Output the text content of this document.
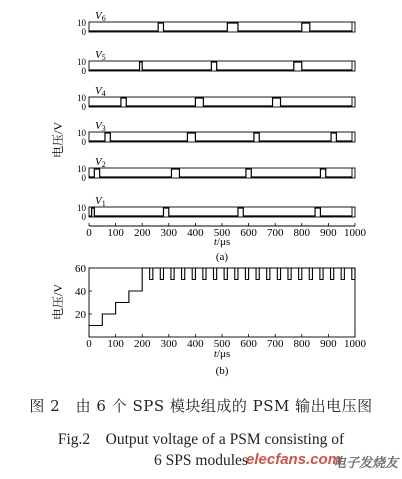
10
0
V6
10
0
V5
10
0
V4
10
0
V3
10
0
V2
10
0
V1
0 100 200 300 400 500 600 700 800 900 1000
t/μs
(a)
电压/V
20
40
60
0 100 200 300 400 500 600 700 800 900 1000
t/μs
(b)
电压/V
图 2　由 6 个 SPS 模块组成的 PSM 输出电压图
Fig.2　Output voltage of a PSM consisting of
6 SPS modules
elecfans.com
电子发烧友
